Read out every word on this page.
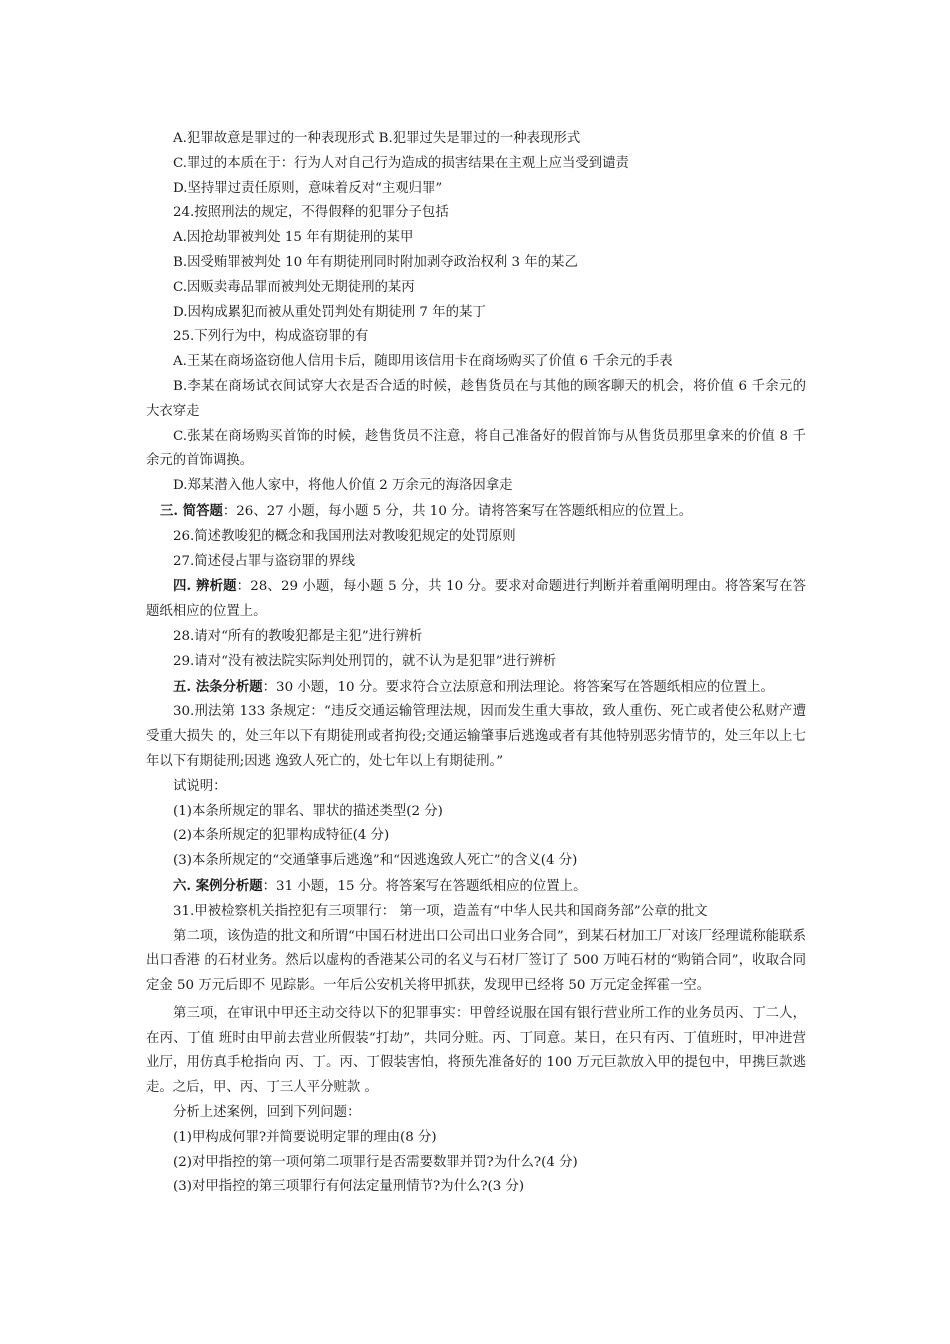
A.犯罪故意是罪过的一种表现形式 B.犯罪过失是罪过的一种表现形式

C.罪过的本质在于：行为人对自己行为造成的损害结果在主观上应当受到谴责

D.坚持罪过责任原则，意味着反对“主观归罪”

24.按照刑法的规定，不得假释的犯罪分子包括

A.因抢劫罪被判处 15 年有期徒刑的某甲

B.因受贿罪被判处 10 年有期徒刑同时附加剥夺政治权利 3 年的某乙

C.因贩卖毒品罪而被判处无期徒刑的某丙

D.因构成累犯而被从重处罚判处有期徒刑 7 年的某丁

25.下列行为中，构成盗窃罪的有

A.王某在商场盗窃他人信用卡后，随即用该信用卡在商场购买了价值 6 千余元的手表

B.李某在商场试衣间试穿大衣是否合适的时候，趁售货员在与其他的顾客聊天的机会，将价值 6 千余元的大衣穿走

C.张某在商场购买首饰的时候，趁售货员不注意，将自己准备好的假首饰与从售货员那里拿来的价值 8 千余元的首饰调换。

D.郑某潜入他人家中，将他人价值 2 万余元的海洛因拿走

三. 简答题：26、27 小题，每小题 5 分，共 10 分。请将答案写在答题纸相应的位置上。

26.简述教唆犯的概念和我国刑法对教唆犯规定的处罚原则

27.简述侵占罪与盗窃罪的界线

四. 辨析题：28、29 小题，每小题 5 分，共 10 分。要求对命题进行判断并着重阐明理由。将答案写在答题纸相应的位置上。

28.请对“所有的教唆犯都是主犯”进行辨析

29.请对“没有被法院实际判处刑罚的，就不认为是犯罪”进行辨析

五. 法条分析题：30 小题，10 分。要求符合立法原意和刑法理论。将答案写在答题纸相应的位置上。

30.刑法第 133 条规定：“违反交通运输管理法规，因而发生重大事故，致人重伤、死亡或者使公私财产遭受重大损失 的，处三年以下有期徒刑或者拘役;交通运输肇事后逃逸或者有其他特别恶劣情节的，处三年以上七年以下有期徒刑;因逃 逸致人死亡的，处七年以上有期徒刑。”

试说明：

(1)本条所规定的罪名、罪状的描述类型(2 分)

(2)本条所规定的犯罪构成特征(4 分)

(3)本条所规定的“交通肇事后逃逸”和“因逃逸致人死亡”的含义(4 分)

六. 案例分析题：31 小题，15 分。将答案写在答题纸相应的位置上。

31.甲被检察机关指控犯有三项罪行： 第一项，造盖有“中华人民共和国商务部”公章的批文

第二项，该伪造的批文和所谓“中国石材进出口公司出口业务合同”，到某石材加工厂对该厂经理谎称能联系出口香港 的石材业务。然后以虚构的香港某公司的名义与石材厂签订了 500 万吨石材的“购销合同”，收取合同定金 50 万元后即不 见踪影。一年后公安机关将甲抓获，发现甲已经将 50 万元定金挥霍一空。

第三项，在审讯中甲还主动交待以下的犯罪事实：甲曾经说服在国有银行营业所工作的业务员丙、丁二人，在丙、丁值 班时由甲前去营业所假装“打劫”，共同分赃。丙、丁同意。某日，在只有丙、丁值班时，甲冲进营业厅，用仿真手枪指向 丙、丁。丙、丁假装害怕，将预先准备好的 100 万元巨款放入甲的提包中，甲携巨款逃走。之后，甲、丙、丁三人平分赃款 。

分析上述案例，回到下列问题：

(1)甲构成何罪?并简要说明定罪的理由(8 分)

(2)对甲指控的第一项何第二项罪行是否需要数罪并罚?为什么?(4 分)

(3)对甲指控的第三项罪行有何法定量刑情节?为什么?(3 分)
